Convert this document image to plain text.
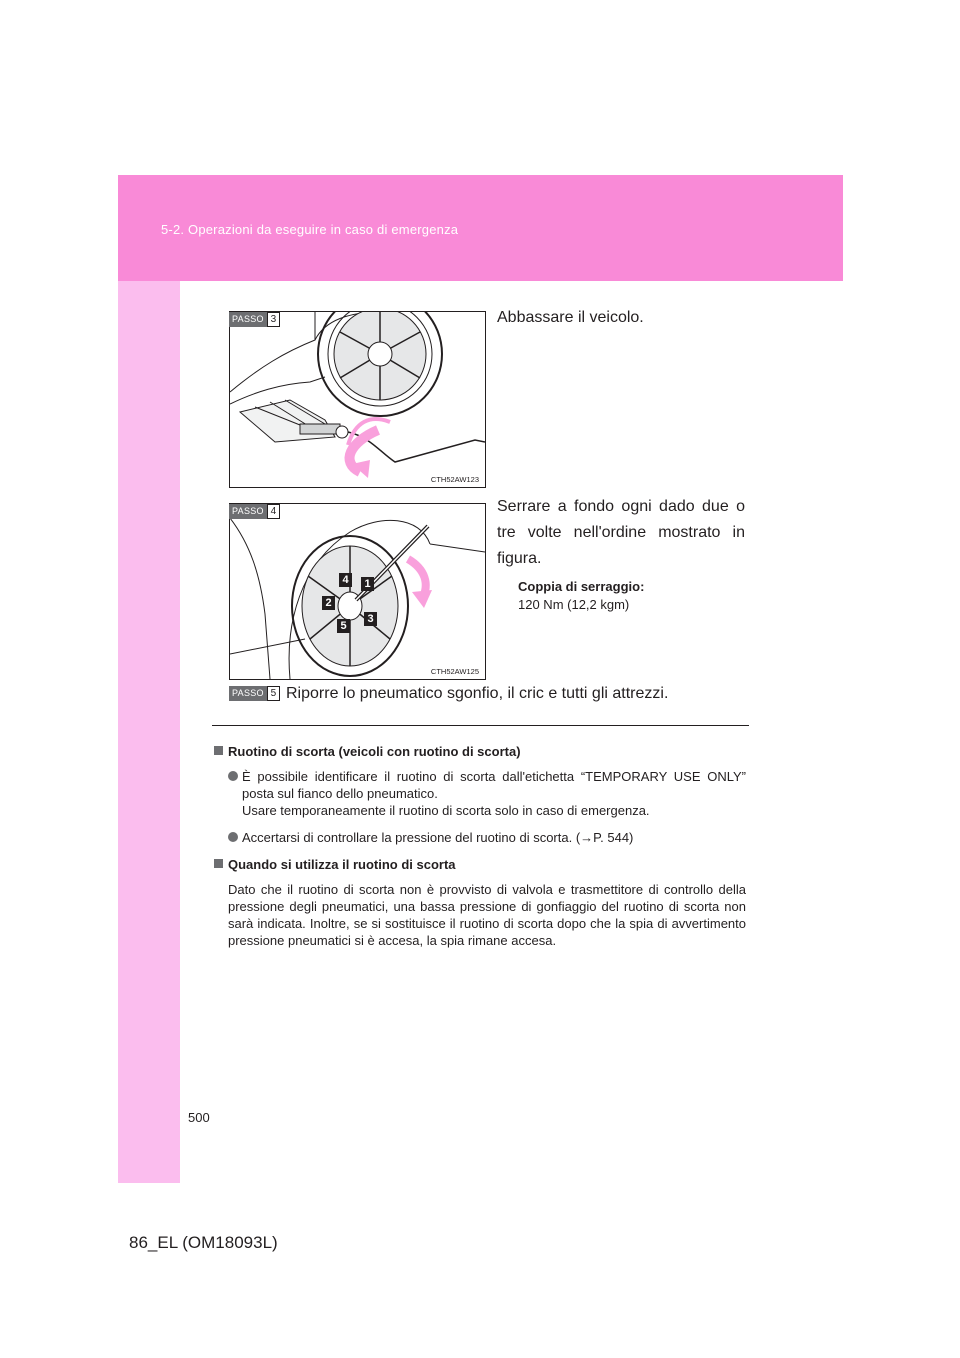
5-2. Operazioni da eseguire in caso di emergenza
CTH52AW123
PASSO 3	Abbassare il veicolo.
CTH52AW125
1
2
3
4
5
PASSO 4	Serrare a fondo ogni dado due o tre volte nell'ordine mostrato in figura.
Coppia di serraggio:
120 Nm (12,2 kgm)
PASSO 5 Riporre lo pneumatico sgonfio, il cric e tutti gli attrezzi.
Ruotino di scorta (veicoli con ruotino di scorta)
È possibile identificare il ruotino di scorta dall'etichetta “TEMPORARY USE ONLY” posta sul fianco dello pneumatico.
Usare temporaneamente il ruotino di scorta solo in caso di emergenza.
Accertarsi di controllare la pressione del ruotino di scorta. (→P. 544)
Quando si utilizza il ruotino di scorta
Dato che il ruotino di scorta non è provvisto di valvola e trasmettitore di controllo della pressione degli pneumatici, una bassa pressione di gonfiaggio del ruotino di scorta non sarà indicata. Inoltre, se si sostituisce il ruotino di scorta dopo che la spia di avvertimento pressione pneumatici si è accesa, la spia rimane accesa.
500
86_EL (OM18093L)
